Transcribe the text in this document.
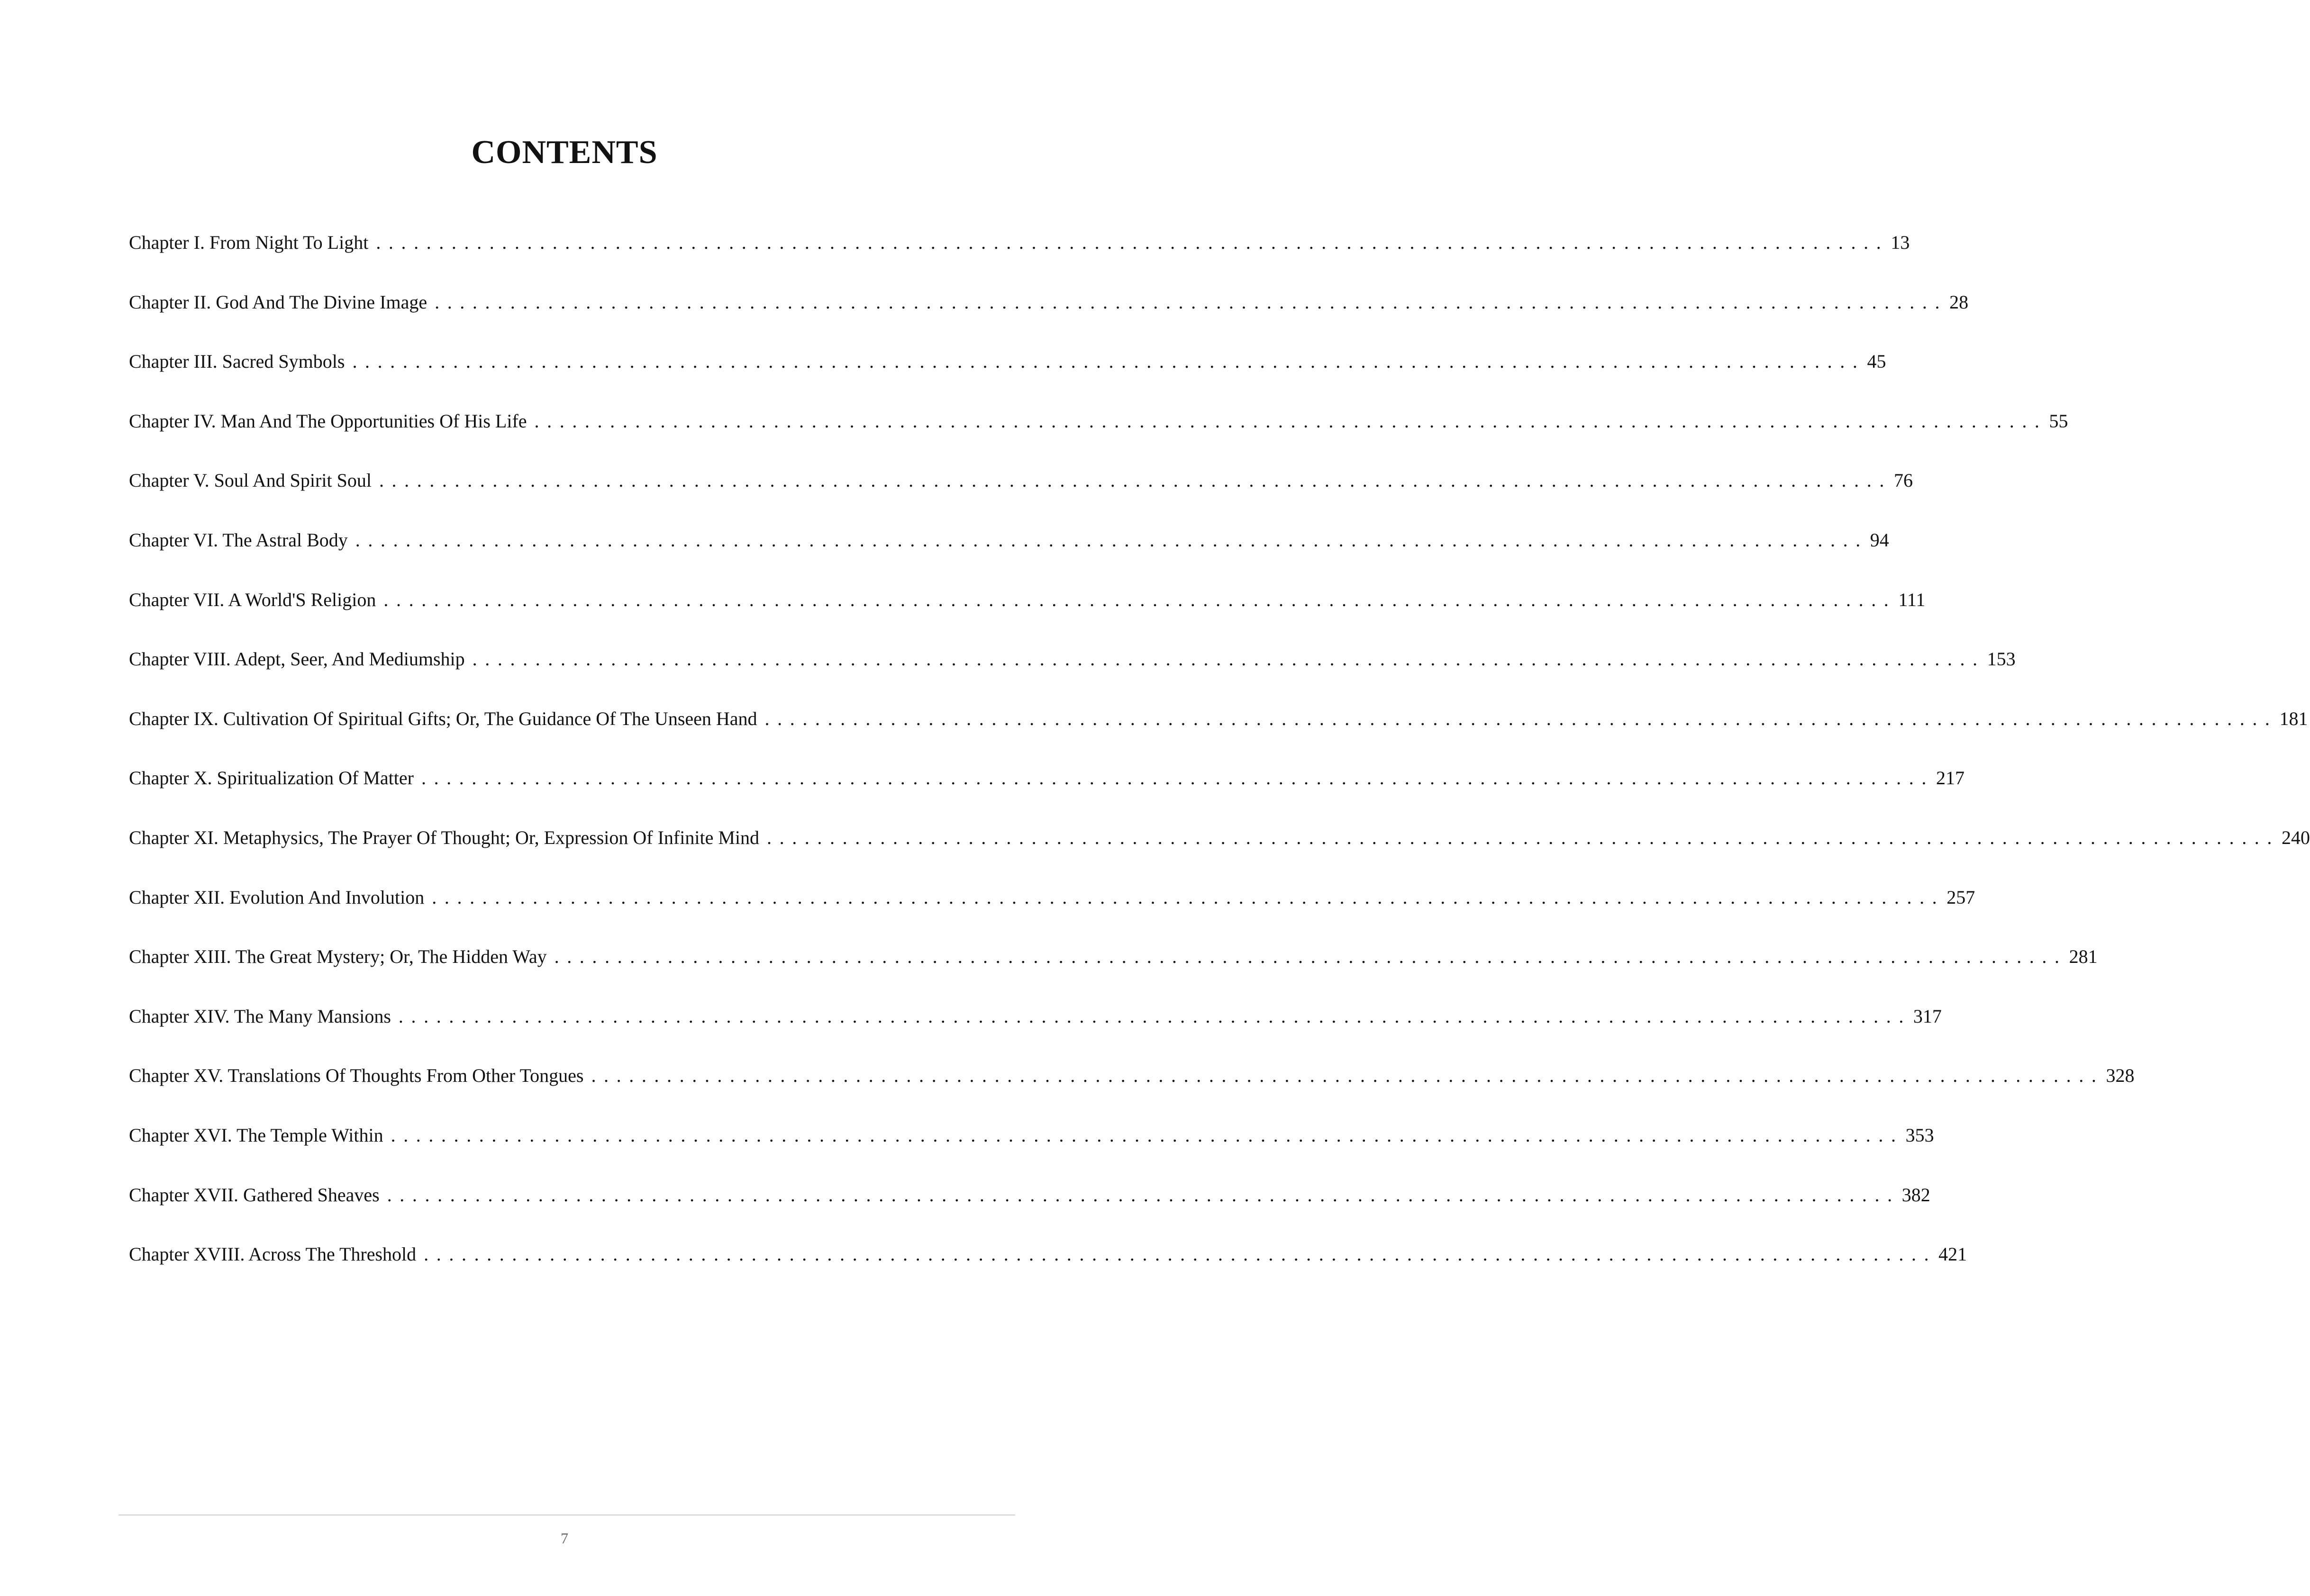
CONTENTS
Chapter I. From Night To Light ........................................................................................................................ 13
Chapter II. God And The Divine Image ........................................................................................................................ 28
Chapter III. Sacred Symbols ........................................................................................................................ 45
Chapter IV. Man And The Opportunities Of His Life ........................................................................................................................ 55
Chapter V. Soul And Spirit Soul ........................................................................................................................ 76
Chapter VI. The Astral Body ........................................................................................................................ 94
Chapter VII. A World'S Religion ........................................................................................................................ 111
Chapter VIII. Adept, Seer, And Mediumship ........................................................................................................................ 153
Chapter IX. Cultivation Of Spiritual Gifts; Or, The Guidance Of The Unseen Hand ........................................................................................................................ 181
Chapter X. Spiritualization Of Matter ........................................................................................................................ 217
Chapter XI. Metaphysics, The Prayer Of Thought; Or, Expression Of Infinite Mind ........................................................................................................................ 240
Chapter XII. Evolution And Involution ........................................................................................................................ 257
Chapter XIII. The Great Mystery; Or, The Hidden Way ........................................................................................................................ 281
Chapter XIV. The Many Mansions ........................................................................................................................ 317
Chapter XV. Translations Of Thoughts From Other Tongues ........................................................................................................................ 328
Chapter XVI. The Temple Within ........................................................................................................................ 353
Chapter XVII. Gathered Sheaves ........................................................................................................................ 382
Chapter XVIII. Across The Threshold ........................................................................................................................ 421
7
